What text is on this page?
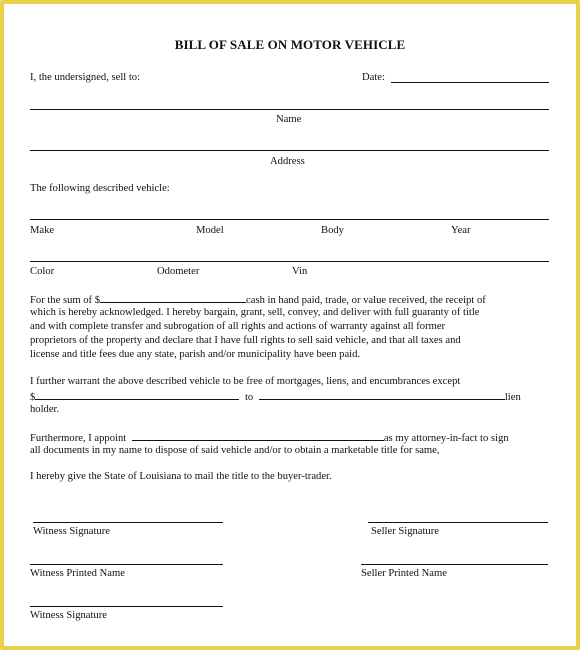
BILL OF SALE ON MOTOR VEHICLE
I, the undersigned, sell to:	Date:
Name
Address
The following described vehicle:
Make	Model	Body	Year
Color	Odometer	Vin
For the sum of $	cash in hand paid, trade, or value received, the receipt of
which is hereby acknowledged. I hereby bargain, grant, sell, convey, and deliver with full guaranty of title
and with complete transfer and subrogation of all rights and actions of warranty against all former
proprietors of the property and declare that I have full rights to sell said vehicle, and that all taxes and
license and title fees due any state, parish and/or municipality have been paid.
I further warrant the above described vehicle to be free of mortgages, liens, and encumbrances except
$	to	lien
holder.
Furthermore, I appoint	as my attorney-in-fact to sign
all documents in my name to dispose of said vehicle and/or to obtain a marketable title for same,
I hereby give the State of Louisiana to mail the title to the buyer-trader.
Witness Signature	Seller Signature
Witness Printed Name	Seller Printed Name
Witness Signature
